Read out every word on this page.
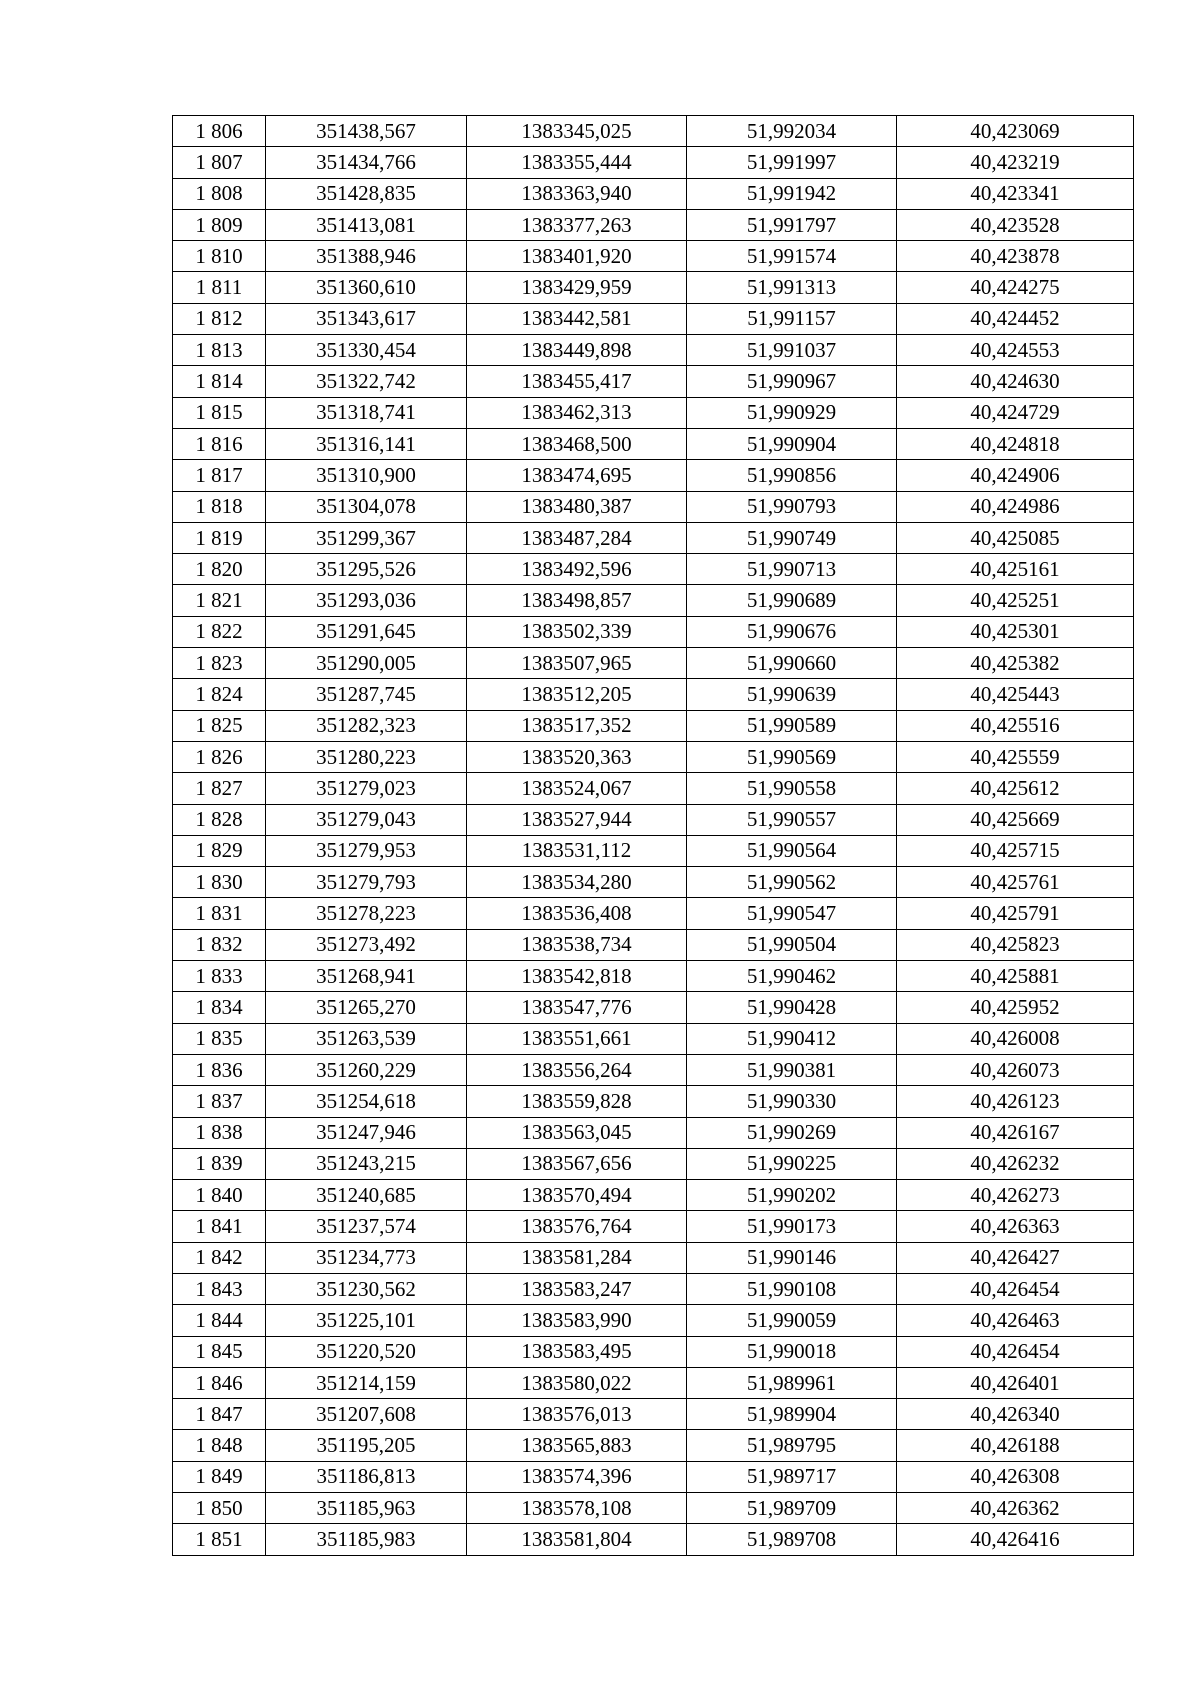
1 806	351438,567	1383345,025	51,992034	40,423069
1 807	351434,766	1383355,444	51,991997	40,423219
1 808	351428,835	1383363,940	51,991942	40,423341
1 809	351413,081	1383377,263	51,991797	40,423528
1 810	351388,946	1383401,920	51,991574	40,423878
1 811	351360,610	1383429,959	51,991313	40,424275
1 812	351343,617	1383442,581	51,991157	40,424452
1 813	351330,454	1383449,898	51,991037	40,424553
1 814	351322,742	1383455,417	51,990967	40,424630
1 815	351318,741	1383462,313	51,990929	40,424729
1 816	351316,141	1383468,500	51,990904	40,424818
1 817	351310,900	1383474,695	51,990856	40,424906
1 818	351304,078	1383480,387	51,990793	40,424986
1 819	351299,367	1383487,284	51,990749	40,425085
1 820	351295,526	1383492,596	51,990713	40,425161
1 821	351293,036	1383498,857	51,990689	40,425251
1 822	351291,645	1383502,339	51,990676	40,425301
1 823	351290,005	1383507,965	51,990660	40,425382
1 824	351287,745	1383512,205	51,990639	40,425443
1 825	351282,323	1383517,352	51,990589	40,425516
1 826	351280,223	1383520,363	51,990569	40,425559
1 827	351279,023	1383524,067	51,990558	40,425612
1 828	351279,043	1383527,944	51,990557	40,425669
1 829	351279,953	1383531,112	51,990564	40,425715
1 830	351279,793	1383534,280	51,990562	40,425761
1 831	351278,223	1383536,408	51,990547	40,425791
1 832	351273,492	1383538,734	51,990504	40,425823
1 833	351268,941	1383542,818	51,990462	40,425881
1 834	351265,270	1383547,776	51,990428	40,425952
1 835	351263,539	1383551,661	51,990412	40,426008
1 836	351260,229	1383556,264	51,990381	40,426073
1 837	351254,618	1383559,828	51,990330	40,426123
1 838	351247,946	1383563,045	51,990269	40,426167
1 839	351243,215	1383567,656	51,990225	40,426232
1 840	351240,685	1383570,494	51,990202	40,426273
1 841	351237,574	1383576,764	51,990173	40,426363
1 842	351234,773	1383581,284	51,990146	40,426427
1 843	351230,562	1383583,247	51,990108	40,426454
1 844	351225,101	1383583,990	51,990059	40,426463
1 845	351220,520	1383583,495	51,990018	40,426454
1 846	351214,159	1383580,022	51,989961	40,426401
1 847	351207,608	1383576,013	51,989904	40,426340
1 848	351195,205	1383565,883	51,989795	40,426188
1 849	351186,813	1383574,396	51,989717	40,426308
1 850	351185,963	1383578,108	51,989709	40,426362
1 851	351185,983	1383581,804	51,989708	40,426416
